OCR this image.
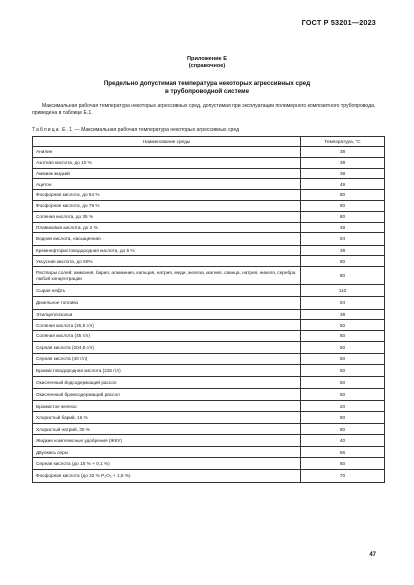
ГОСТ Р 53201—2023
Приложение Е
(справочное)
Предельно допустимая температура некоторых агрессивных сред
в трубопроводной системе
Максимальная рабочая температура некоторых агрессивных сред, допустимая при эксплуатации полимерного композитного трубопровода, приведена в таблице Е.1.
Таблица Е.1 — Максимальная рабочая температура некоторых агрессивных сред
Наименование среды	Температура, °С
Анилин	38
Азотная кислота, до 10 %	38
Аммиак жидкий	38
Ацетон	49
Фосфорная кислота, до 54 %	80
Фосфорная кислота, до 75 %	80
Соляная кислота, до 35 %	80
Плавиковая кислота, до 2 %	49
Водная кислота, насыщенная	93
Кремнефтористоводородная кислота, до 5 %	38
Уксусная кислота, до 50%	80
Растворы солей: аммония, бария, алюминия, кальция, натрия, меди, железа, магния, свинца, натрия, никеля, серебра любой концентрации	80
Сырая нефть	110
Дизельное топливо	93
Этилцеллозольв	38
Соляная кислота (26,5 г/л)	50
Соляная кислота (45 г/л)	50
Серная кислота (204,8 г/л)	50
Серная кислота (40 г/л)	50
Бромистоводородная кислота (225 г/л)	50
Окисленный йодсодержащий рассол	50
Окисленный бромсодержащий рассол	50
Бромистое железо	20
Хлористый барий, 16 %	80
Хлористый натрий, 30 %	80
Жидкие комплексные удобрения (ЖКУ)	40
Двуокись серы	66
Серная кислота (до 15 % + 0,1 %)	50
Фосфорная кислота (до 32 % P₂O₅ + 1,5 %)	70
47
